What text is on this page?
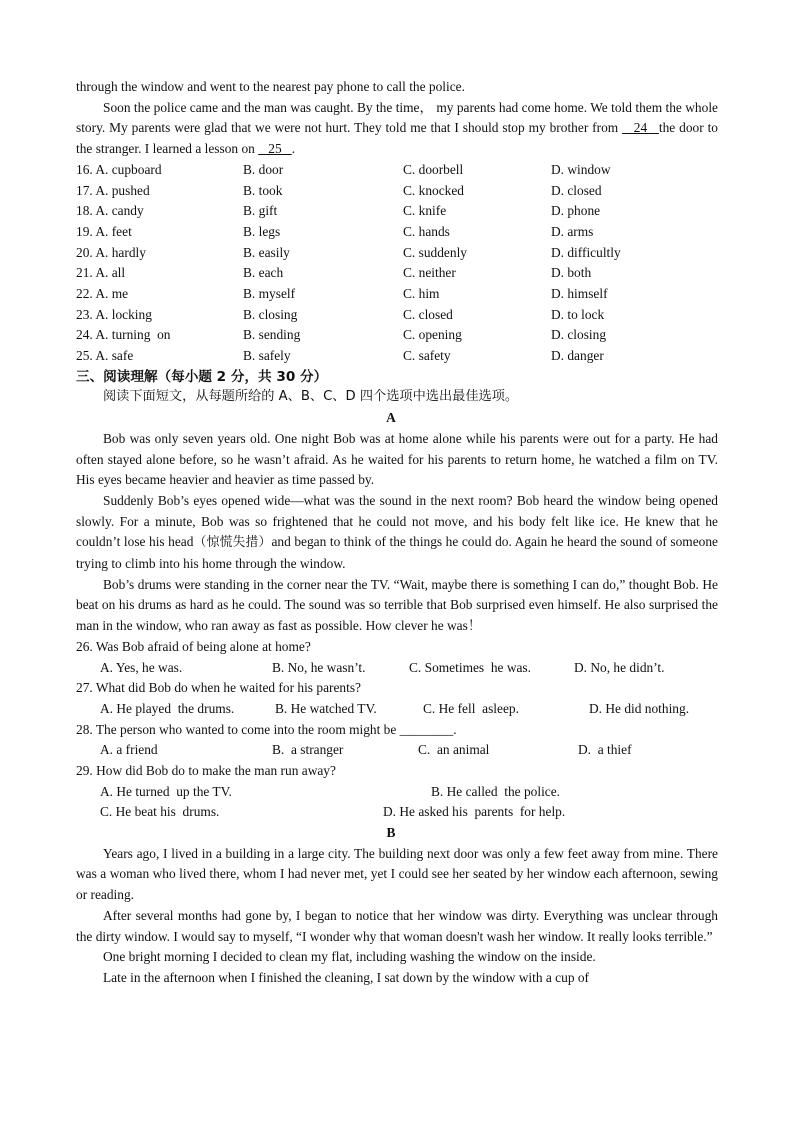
through the window and went to the nearest pay phone to call the police.

Soon the police came and the man was caught. By the time， my parents had come home. We told them the whole story. My parents were glad that we were not hurt. They told me that I should stop my brother from    24   the door to the stranger. I learned a lesson on    25   .

16. A. cupboard	B. door	C. doorbell	D. window
17. A. pushed	B. took	C. knocked	D. closed
18. A. candy	B. gift	C. knife	D. phone
19. A. feet	B. legs	C. hands	D. arms
20. A. hardly	B. easily	C. suddenly	D. difficultly
21. A. all	B. each	C. neither	D. both
22. A. me	B. myself	C. him	D. himself
23. A. locking	B. closing	C. closed	D. to lock
24. A. turning  on	B. sending	C. opening	D. closing
25. A. safe	B. safely	C. safety	D. danger

三、阅读理解（每小题 2 分，共 30 分）

阅读下面短文，从每题所给的 A、B、C、D 四个选项中选出最佳选项。

A

Bob was only seven years old. One night Bob was at home alone while his parents were out for a party. He had often stayed alone before, so he wasn’t afraid. As he waited for his parents to return home, he watched a film on TV. His eyes became heavier and heavier as time passed by.

Suddenly Bob’s eyes opened wide—what was the sound in the next room? Bob heard the window being opened slowly. For a minute, Bob was so frightened that he could not move, and his body felt like ice. He knew that he couldn’t lose his head（惊慌失措）and began to think of the things he could do. Again he heard the sound of someone trying to climb into his home through the window.

Bob’s drums were standing in the corner near the TV. “Wait, maybe there is something I can do,” thought Bob. He beat on his drums as hard as he could. The sound was so terrible that Bob surprised even himself. He also surprised the man in the window, who ran away as fast as possible. How clever he was！

26. Was Bob afraid of being alone at home?

A. Yes, he was.	B. No, he wasn’t.	C. Sometimes  he was.	D. No, he didn’t.

27. What did Bob do when he waited for his parents?

A. He played  the drums.	B. He watched TV.	C. He fell  asleep.	D. He did nothing.

28. The person who wanted to come into the room might be ________.

A. a friend	B.  a stranger	C.  an animal	D.  a thief

29. How did Bob do to make the man run away?

A. He turned  up the TV.	B. He called  the police.
C. He beat his  drums.	D. He asked his  parents  for help.

B

Years ago, I lived in a building in a large city. The building next door was only a few feet away from mine. There was a woman who lived there, whom I had never met, yet I could see her seated by her window each afternoon, sewing or reading.

After several months had gone by, I began to notice that her window was dirty. Everything was unclear through the dirty window. I would say to myself, “I wonder why that woman doesn't wash her window. It really looks terrible.”

One bright morning I decided to clean my flat, including washing the window on the inside.

Late in the afternoon when I finished the cleaning, I sat down by the window with a cup of
